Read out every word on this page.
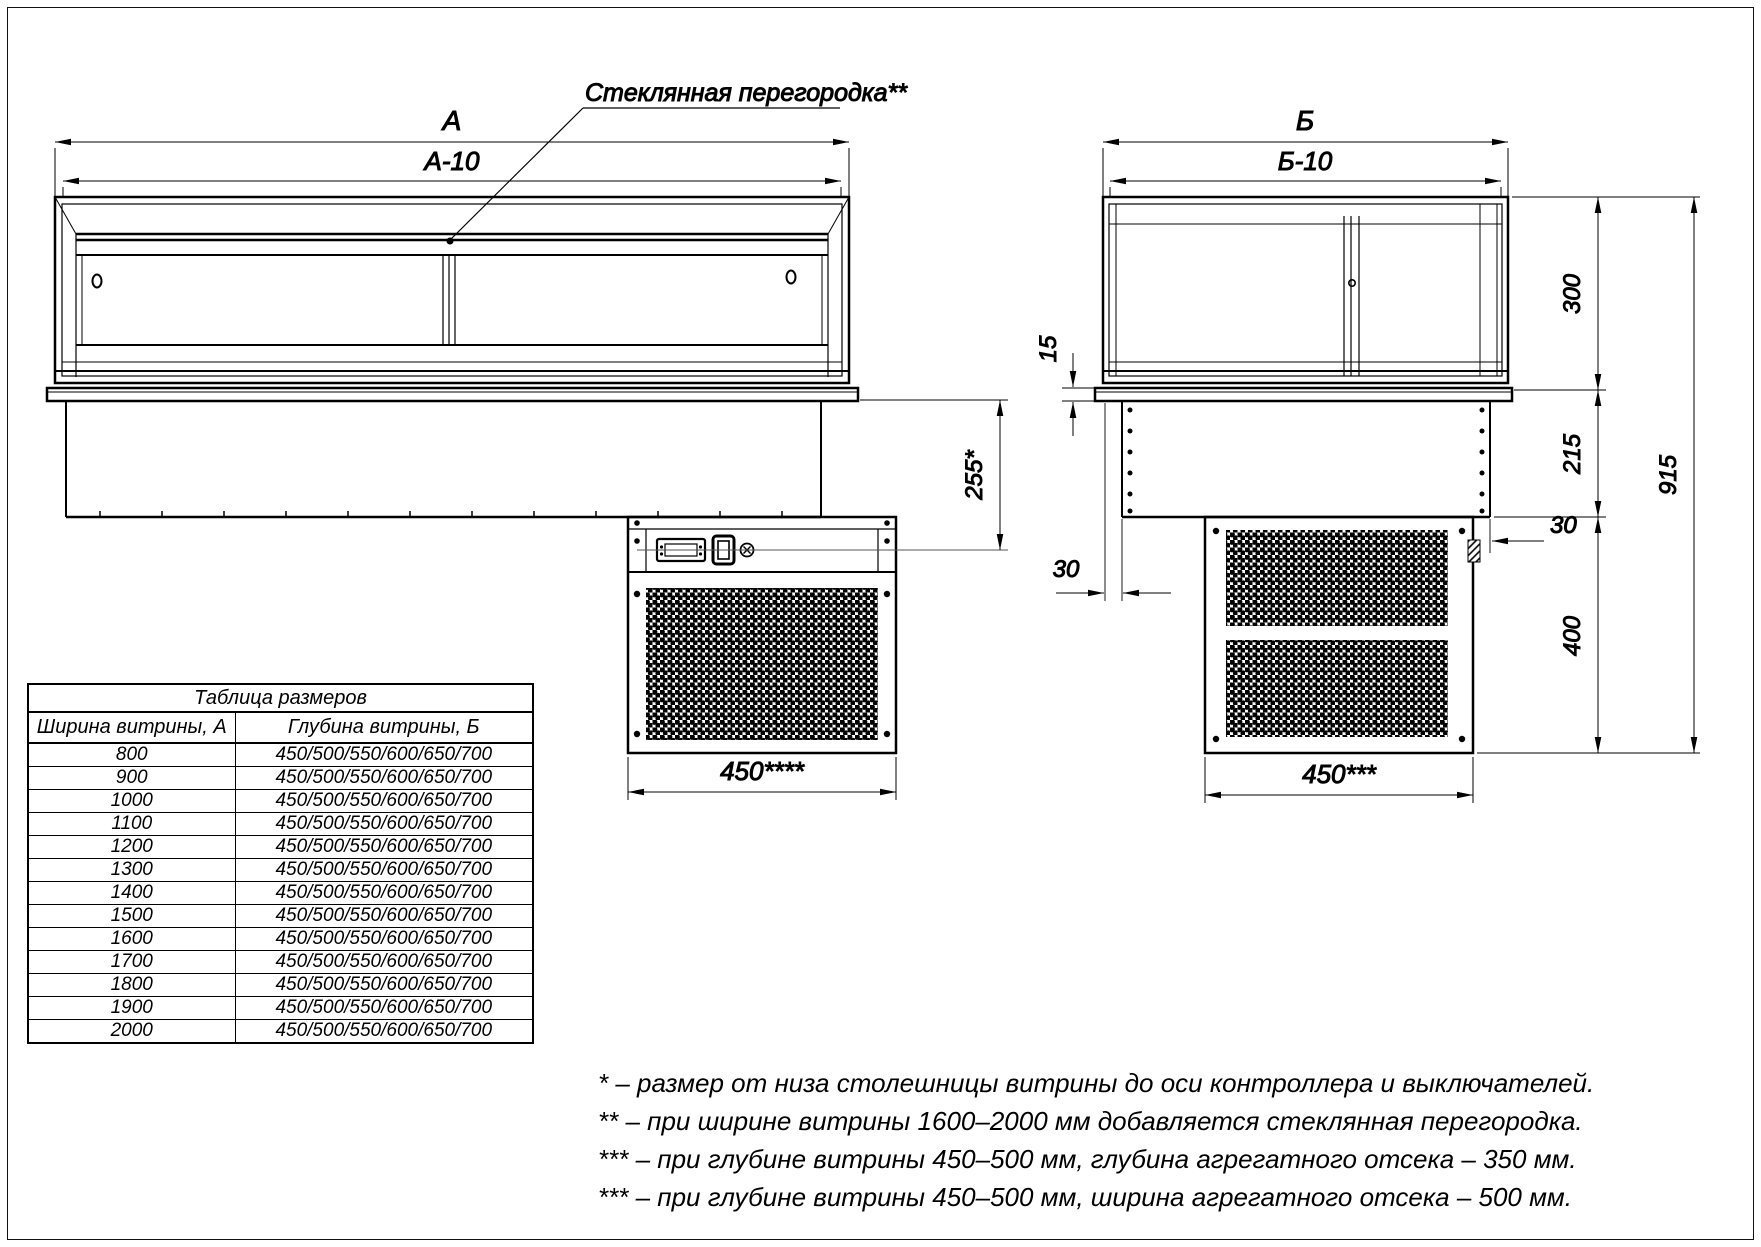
Стеклянная перегородка**
А
А-10
450****
255*
Б
Б-10
15
30
30
300
215
400
915
450***
Таблица размеров	
Ширина витрины, А	Глубина витрины, Б
800	450/500/550/600/650/700
900	450/500/550/600/650/700
1000	450/500/550/600/650/700
1100	450/500/550/600/650/700
1200	450/500/550/600/650/700
1300	450/500/550/600/650/700
1400	450/500/550/600/650/700
1500	450/500/550/600/650/700
1600	450/500/550/600/650/700
1700	450/500/550/600/650/700
1800	450/500/550/600/650/700
1900	450/500/550/600/650/700
2000	450/500/550/600/650/700
* – размер от низа столешницы витрины до оси контроллера и выключателей.
** – при ширине витрины 1600–2000 мм добавляется стеклянная перегородка.
*** – при глубине витрины 450–500 мм, глубина агрегатного отсека – 350 мм.
*** – при глубине витрины 450–500 мм, ширина агрегатного отсека – 500 мм.
